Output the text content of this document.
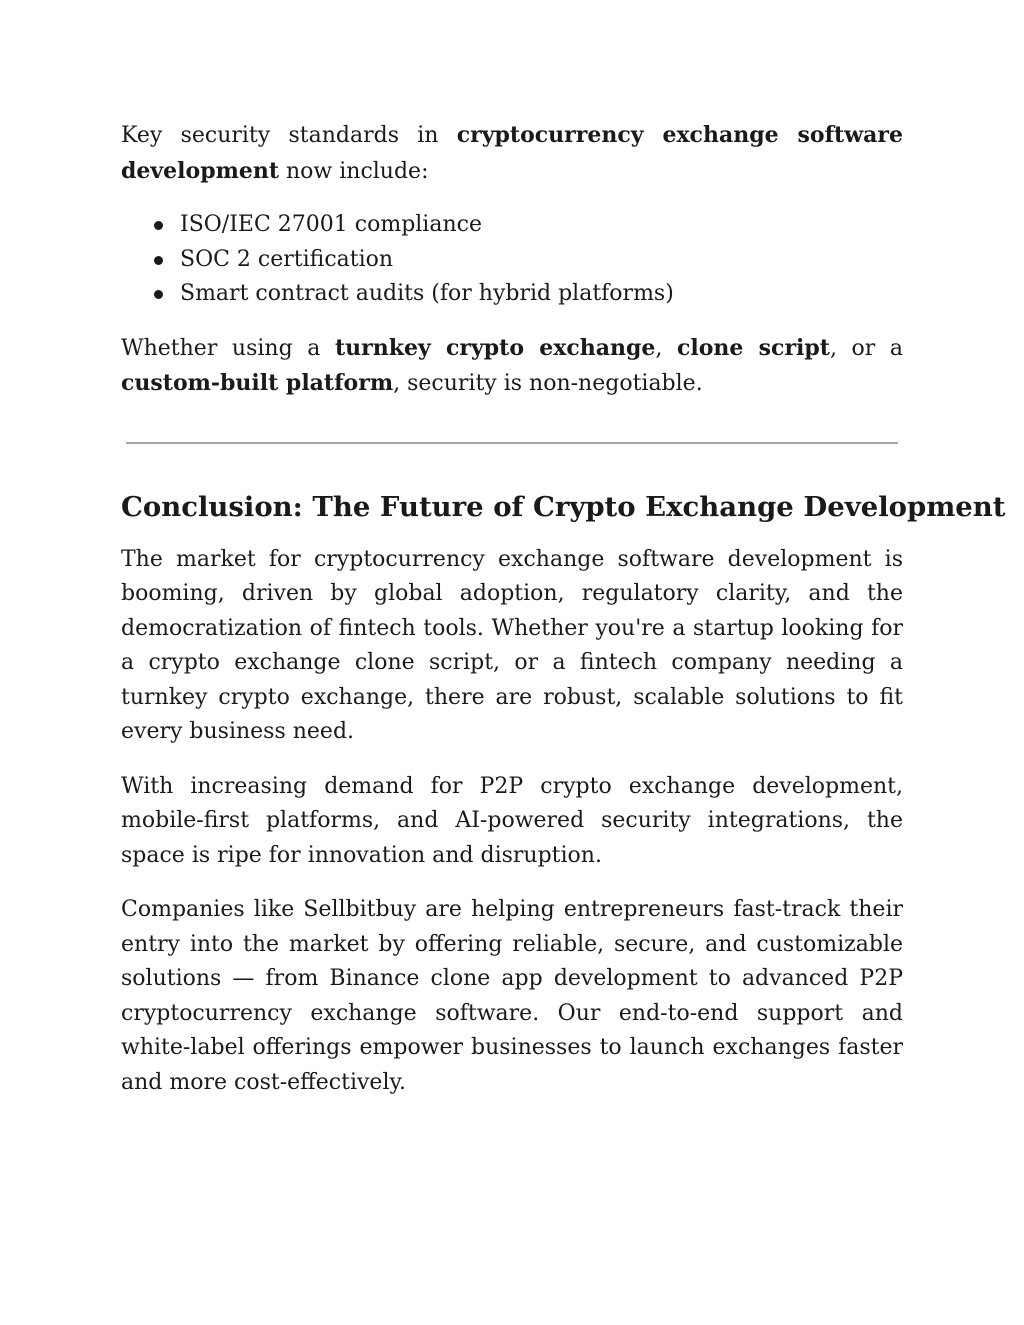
Key security standards in cryptocurrency exchange software development now include:

ISO/IEC 27001 compliance
SOC 2 certification
Smart contract audits (for hybrid platforms)

Whether using a turnkey crypto exchange, clone script, or a custom-built platform, security is non-negotiable.

Conclusion: The Future of Crypto Exchange Development

The market for cryptocurrency exchange software development is booming, driven by global adoption, regulatory clarity, and the democratization of fintech tools. Whether you're a startup looking for a crypto exchange clone script, or a fintech company needing a turnkey crypto exchange, there are robust, scalable solutions to fit every business need.

With increasing demand for P2P crypto exchange development, mobile-first platforms, and AI-powered security integrations, the space is ripe for innovation and disruption.

Companies like Sellbitbuy are helping entrepreneurs fast-track their entry into the market by offering reliable, secure, and customizable solutions — from Binance clone app development to advanced P2P cryptocurrency exchange software. Our end-to-end support and white-label offerings empower businesses to launch exchanges faster and more cost-effectively.
